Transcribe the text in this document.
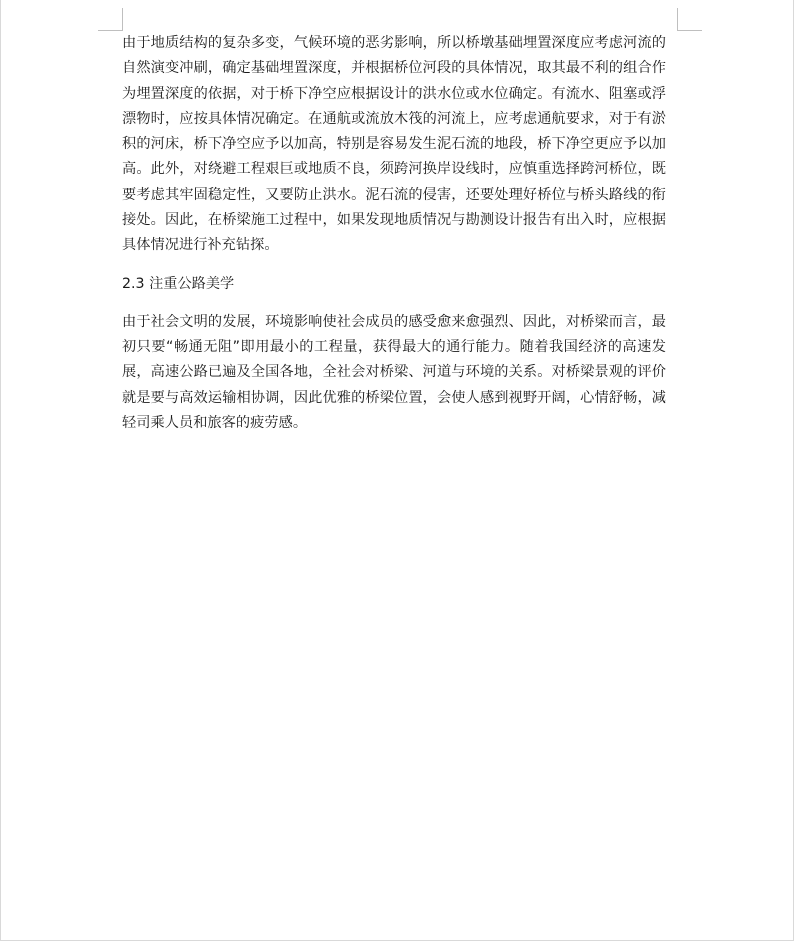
由于地质结构的复杂多变，气候环境的恶劣影响，所以桥墩基础埋置深度应考虑河流的自然演变冲刷，确定基础埋置深度，并根据桥位河段的具体情况，取其最不利的组合作为埋置深度的依据，对于桥下净空应根据设计的洪水位或水位确定。有流水、阻塞或浮漂物时，应按具体情况确定。在通航或流放木筏的河流上，应考虑通航要求，对于有淤积的河床，桥下净空应予以加高，特别是容易发生泥石流的地段，桥下净空更应予以加高。此外，对绕避工程艰巨或地质不良，须跨河换岸设线时，应慎重选择跨河桥位，既要考虑其牢固稳定性，又要防止洪水。泥石流的侵害，还要处理好桥位与桥头路线的衔接处。因此，在桥梁施工过程中，如果发现地质情况与勘测设计报告有出入时，应根据具体情况进行补充钻探。

2.3 注重公路美学

由于社会文明的发展，环境影响使社会成员的感受愈来愈强烈、因此，对桥梁而言，最初只要“畅通无阻”即用最小的工程量，获得最大的通行能力。随着我国经济的高速发展，高速公路已遍及全国各地，全社会对桥梁、河道与环境的关系。对桥梁景观的评价就是要与高效运输相协调，因此优雅的桥梁位置，会使人感到视野开阔，心情舒畅，减轻司乘人员和旅客的疲劳感。
